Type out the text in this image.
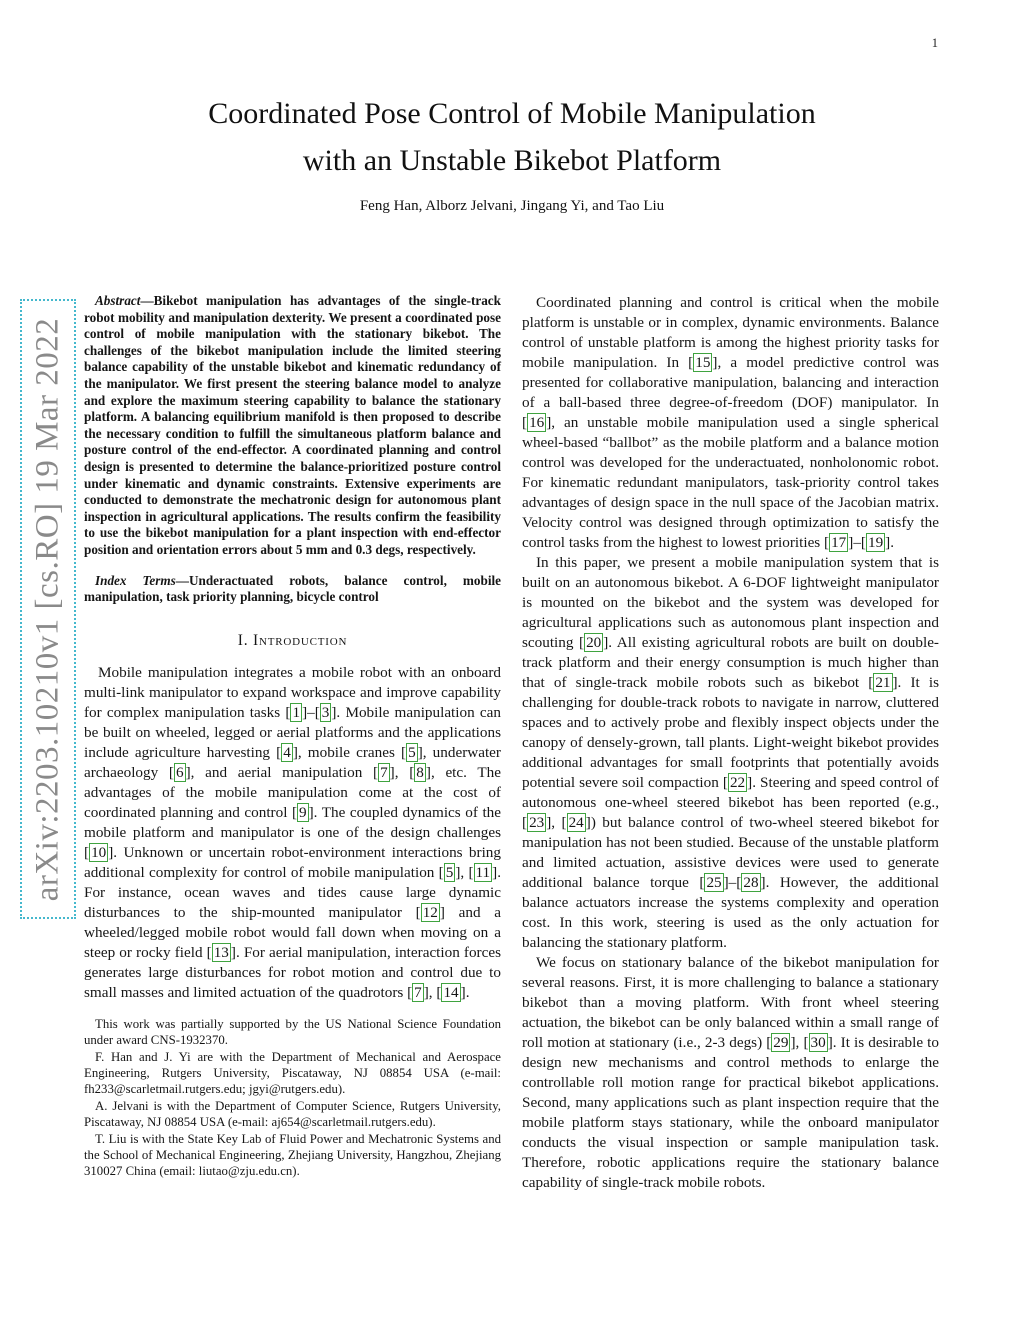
1
arXiv:2203.10210v1 [cs.RO] 19 Mar 2022
Coordinated Pose Control of Mobile Manipulation
with an Unstable Bikebot Platform
Feng Han, Alborz Jelvani, Jingang Yi, and Tao Liu

Abstract—Bikebot manipulation has advantages of the single-track robot mobility and manipulation dexterity. We present a coordinated pose control of mobile manipulation with the stationary bikebot. The challenges of the bikebot manipulation include the limited steering balance capability of the unstable bikebot and kinematic redundancy of the manipulator. We first present the steering balance model to analyze and explore the maximum steering capability to balance the stationary platform. A balancing equilibrium manifold is then proposed to describe the necessary condition to fulfill the simultaneous platform balance and posture control of the end-effector. A coordinated planning and control design is presented to determine the balance-prioritized posture control under kinematic and dynamic constraints. Extensive experiments are conducted to demonstrate the mechatronic design for autonomous plant inspection in agricultural applications. The results confirm the feasibility to use the bikebot manipulation for a plant inspection with end-effector position and orientation errors about 5 mm and 0.3 degs, respectively.

Index Terms—Underactuated robots, balance control, mobile manipulation, task priority planning, bicycle control

I. Introduction

Mobile manipulation integrates a mobile robot with an onboard multi-link manipulator to expand workspace and improve capability for complex manipulation tasks [ 1 ]–[ 3 ]. Mobile manipulation can be built on wheeled, legged or aerial platforms and the applications include agriculture harvesting [ 4 ], mobile cranes [ 5 ], underwater archaeology [ 6 ], and aerial manipulation [ 7 ], [ 8 ], etc. The advantages of the mobile manipulation come at the cost of coordinated planning and control [ 9 ]. The coupled dynamics of the mobile platform and manipulator is one of the design challenges [ 10 ]. Unknown or uncertain robot-environment interactions bring additional complexity for control of mobile manipulation [ 5 ], [ 11 ]. For instance, ocean waves and tides cause large dynamic disturbances to the ship-mounted manipulator [ 12 ] and a wheeled/legged mobile robot would fall down when moving on a steep or rocky field [ 13 ]. For aerial manipulation, interaction forces generates large disturbances for robot motion and control due to small masses and limited actuation of the quadrotors [ 7 ], [ 14 ].

This work was partially supported by the US National Science Foundation under award CNS-1932370.

F. Han and J. Yi are with the Department of Mechanical and Aerospace Engineering, Rutgers University, Piscataway, NJ 08854 USA (e-mail: fh233@scarletmail.rutgers.edu; jgyi@rutgers.edu).

A. Jelvani is with the Department of Computer Science, Rutgers University, Piscataway, NJ 08854 USA (e-mail: aj654@scarletmail.rutgers.edu).

T. Liu is with the State Key Lab of Fluid Power and Mechatronic Systems and the School of Mechanical Engineering, Zhejiang University, Hangzhou, Zhejiang 310027 China (email: liutao@zju.edu.cn).

Coordinated planning and control is critical when the mobile platform is unstable or in complex, dynamic environments. Balance control of unstable platform is among the highest priority tasks for mobile manipulation. In [ 15 ], a model predictive control was presented for collaborative manipulation, balancing and interaction of a ball-based three degree-of-freedom (DOF) manipulator. In [ 16 ], an unstable mobile manipulation used a single spherical wheel-based “ballbot” as the mobile platform and a balance motion control was developed for the underactuated, nonholonomic robot. For kinematic redundant manipulators, task-priority control takes advantages of design space in the null space of the Jacobian matrix. Velocity control was designed through optimization to satisfy the control tasks from the highest to lowest priorities [ 17 ]–[ 19 ].

In this paper, we present a mobile manipulation system that is built on an autonomous bikebot. A 6-DOF lightweight manipulator is mounted on the bikebot and the system was developed for agricultural applications such as autonomous plant inspection and scouting [ 20 ]. All existing agricultural robots are built on double-track platform and their energy consumption is much higher than that of single-track mobile robots such as bikebot [ 21 ]. It is challenging for double-track robots to navigate in narrow, cluttered spaces and to actively probe and flexibly inspect objects under the canopy of densely-grown, tall plants. Light-weight bikebot provides additional advantages for small footprints that potentially avoids potential severe soil compaction [ 22 ]. Steering and speed control of autonomous one-wheel steered bikebot has been reported (e.g., [ 23 ], [ 24 ]) but balance control of two-wheel steered bikebot for manipulation has not been studied. Because of the unstable platform and limited actuation, assistive devices were used to generate additional balance torque [ 25 ]–[ 28 ]. However, the additional balance actuators increase the systems complexity and operation cost. In this work, steering is used as the only actuation for balancing the stationary platform.

We focus on stationary balance of the bikebot manipulation for several reasons. First, it is more challenging to balance a stationary bikebot than a moving platform. With front wheel steering actuation, the bikebot can be only balanced within a small range of roll motion at stationary (i.e., 2-3 degs) [ 29 ], [ 30 ]. It is desirable to design new mechanisms and control methods to enlarge the controllable roll motion range for practical bikebot applications. Second, many applications such as plant inspection require that the mobile platform stays stationary, while the onboard manipulator conducts the visual inspection or sample manipulation task. Therefore, robotic applications require the stationary balance capability of single-track mobile robots.
